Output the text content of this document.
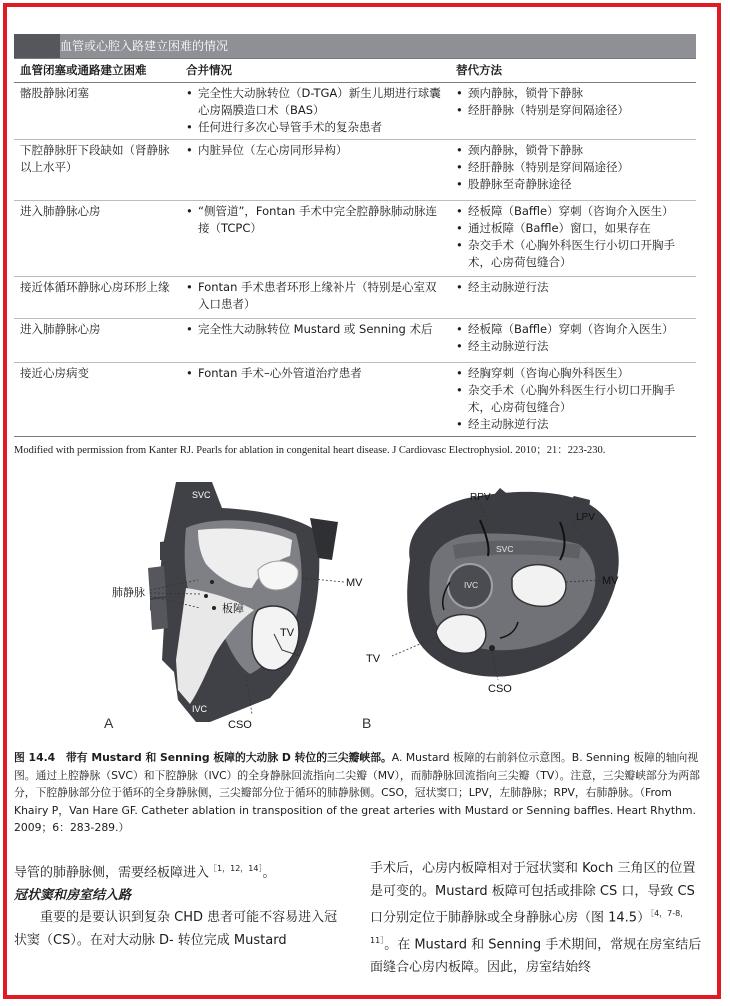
血管或心腔入路建立困难的情况
血管闭塞或通路建立困难	合并情况	替代方法
髂股静脉闭塞	• 完全性大动脉转位（D-TGA）新生儿期进行球囊心房隔膜造口术（BAS）
• 任何进行多次心导管手术的复杂患者	• 颈内静脉，锁骨下静脉
• 经肝静脉（特别是穿间隔途径）

下腔静脉肝下段缺如（肾静脉以上水平）	• 内脏异位（左心房同形异构）	• 颈内静脉，锁骨下静脉
• 经肝静脉（特别是穿间隔途径）
• 股静脉至奇静脉途径

进入肺静脉心房	• “侧管道”，Fontan 手术中完全腔静脉肺动脉连接（TCPC）	• 经板障（Baffle）穿刺（咨询介入医生）
• 通过板障（Baffle）窗口，如果存在
• 杂交手术（心胸外科医生行小切口开胸手术，心房荷包缝合）

接近体循环静脉心房环形上缘	• Fontan 手术患者环形上缘补片（特别是心室双入口患者）	• 经主动脉逆行法

进入肺静脉心房	• 完全性大动脉转位 Mustard 或 Senning 术后	• 经板障（Baffle）穿刺（咨询介入医生）
• 经主动脉逆行法

接近心房病变	• Fontan 手术–心外管道治疗患者	• 经胸穿刺（咨询心胸外科医生）
• 杂交手术（心胸外科医生行小切口开胸手术，心房荷包缝合）
• 经主动脉逆行法
Modified with permission from Kanter RJ. Pearls for ablation in congenital heart disease. J Cardiovasc Electrophysiol. 2010；21：223-230.
SVC
IVC
肺静脉
板障
MV
TV
CSO
A
RPV
LPV
SVC
IVC	MV
TV
CSO
B
图 14.4　带有 Mustard 和 Senning 板障的大动脉 D 转位的三尖瓣峡部。A. Mustard 板障的右前斜位示意图。B. Senning 板障的轴向视图。通过上腔静脉（SVC）和下腔静脉（IVC）的全身静脉回流指向二尖瓣（MV），而肺静脉回流指向三尖瓣（TV）。注意，三尖瓣峡部分为两部分，下腔静脉部分位于循环的全身静脉侧，三尖瓣部分位于循环的肺静脉侧。CSO，冠状窦口；LPV，左肺静脉；RPV，右肺静脉。（From Khairy P，Van Hare GF. Catheter ablation in transposition of the great arteries with Mustard or Senning baffles. Heart Rhythm. 2009；6：283-289.）

导管的肺静脉侧，需要经板障进入$^{[1,12,14]}$。

冠状窦和房室结入路

重要的是要认识到复杂 CHD 患者可能不容易进入冠状窦（CS）。在对大动脉 D- 转位完成 Mustard

手术后，心房内板障相对于冠状窦和 Koch 三角区的位置是可变的。Mustard 板障可包括或排除 CS 口，导致 CS 口分别定位于肺静脉或全身静脉心房（图 14.5）$^{[4,7-8,11]}$。在 Mustard 和 Senning 手术期间，常规在房室结后面缝合心房内板障。因此，房室结始终
